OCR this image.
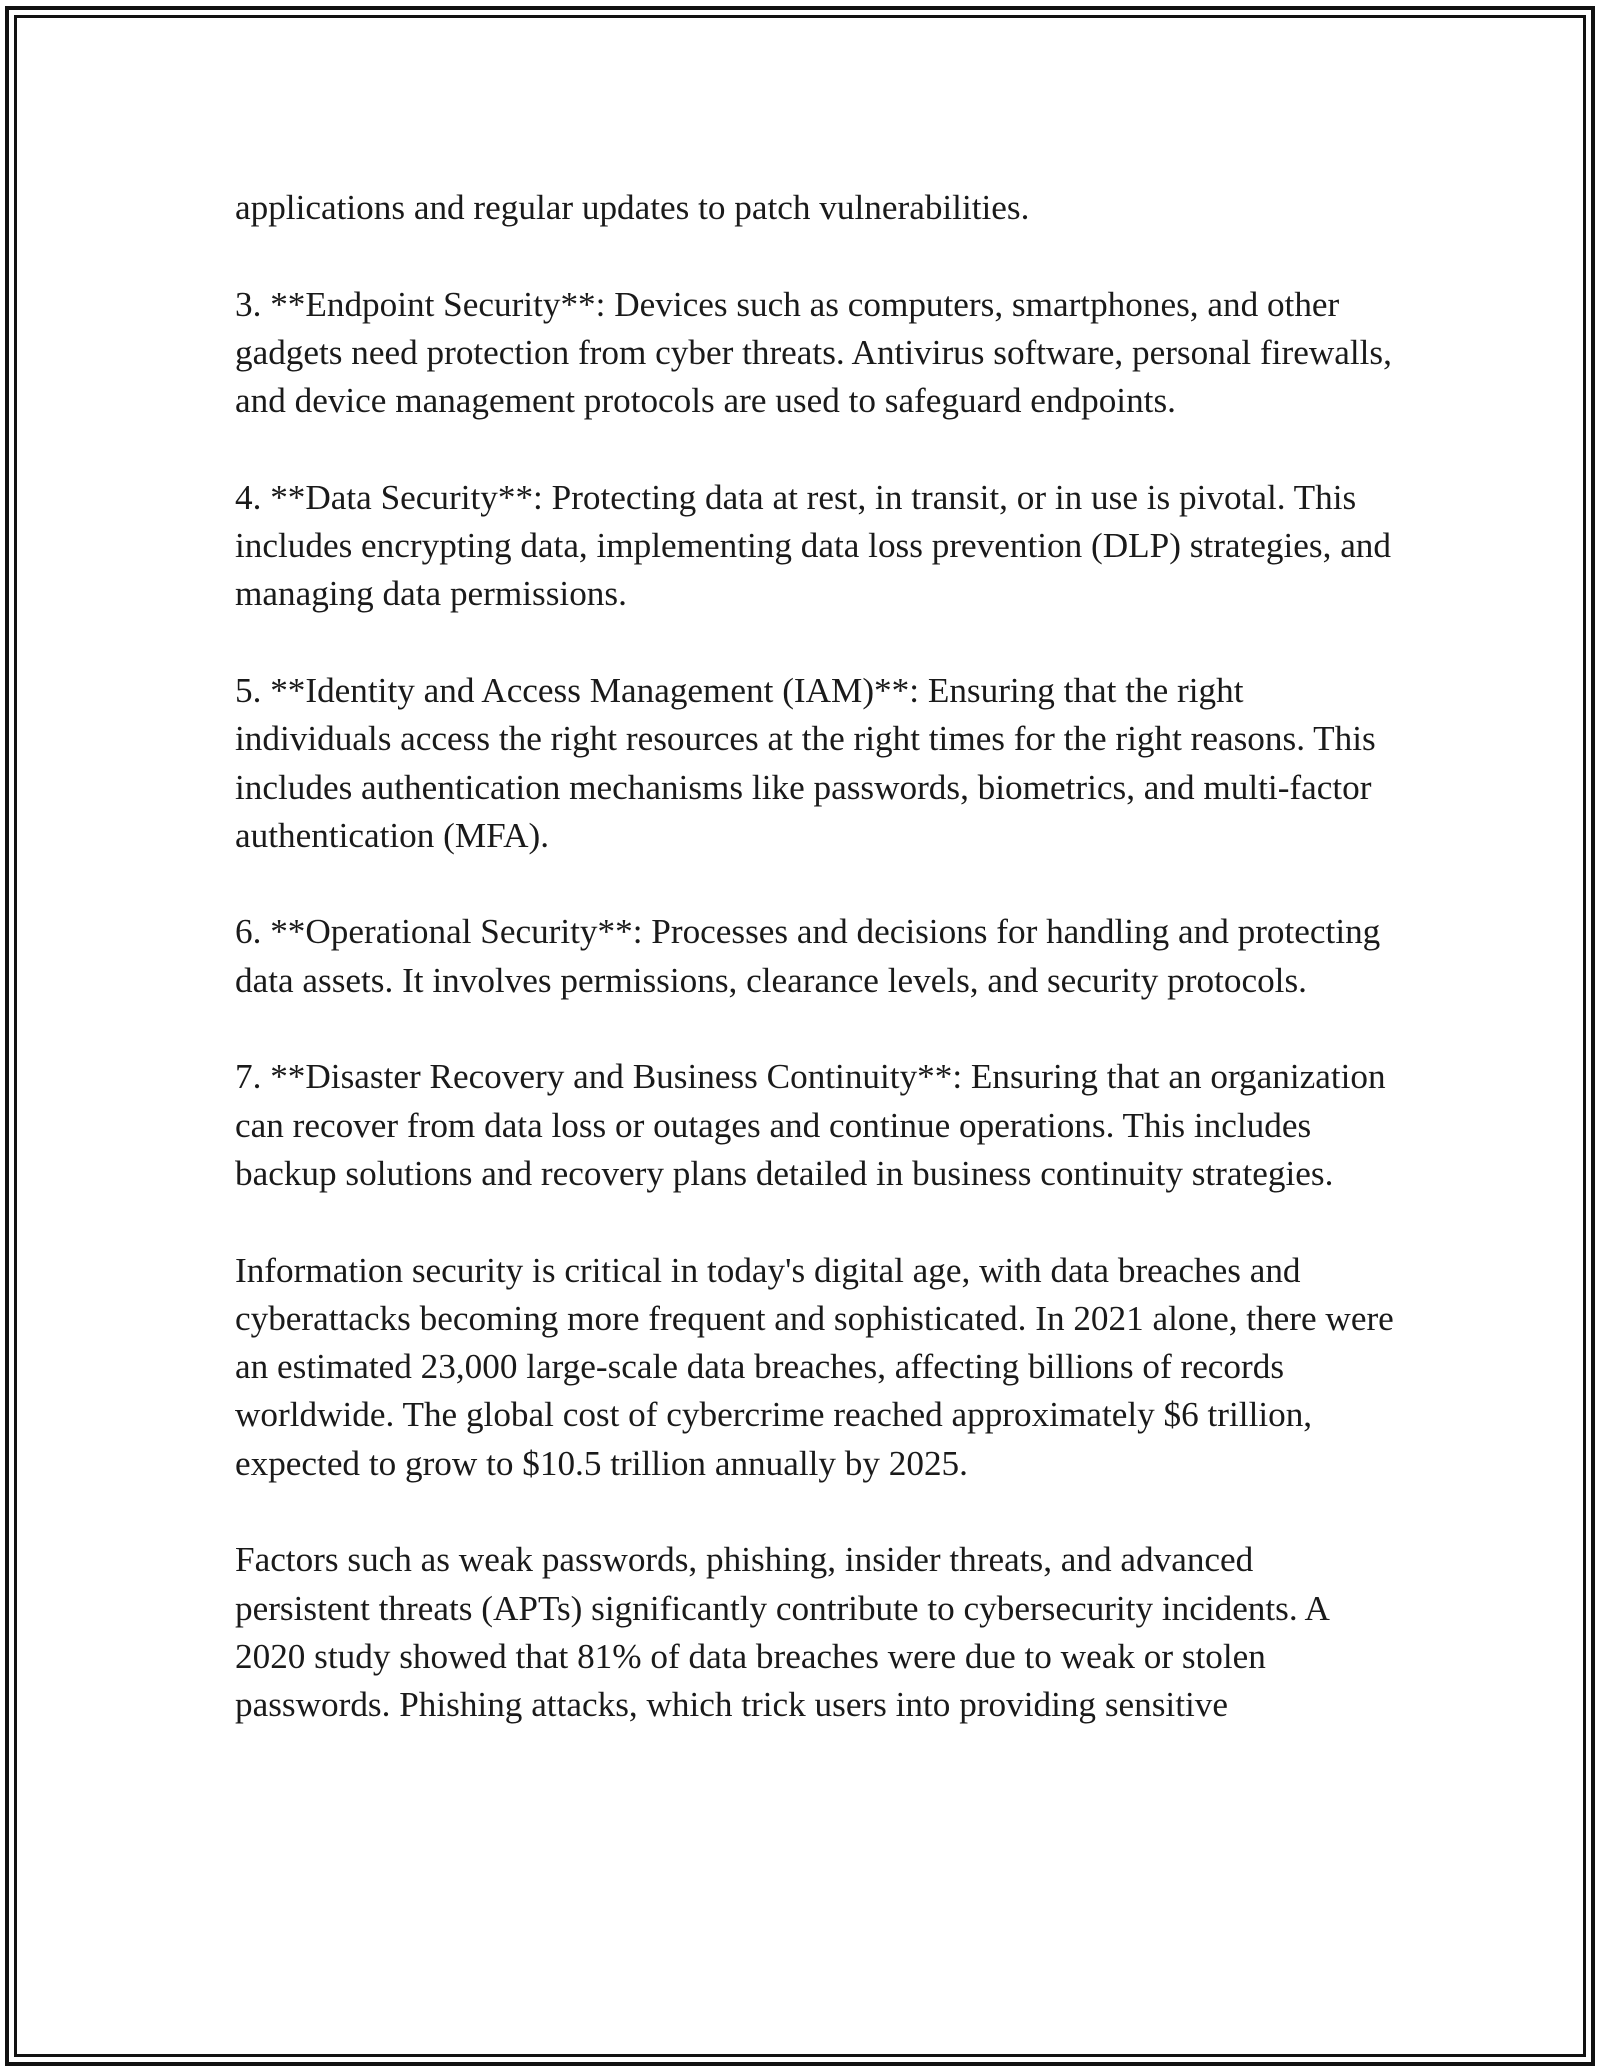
applications and regular updates to patch vulnerabilities.

3. **Endpoint Security**: Devices such as computers, smartphones, and other gadgets need protection from cyber threats. Antivirus software, personal firewalls, and device management protocols are used to safeguard endpoints.

4. **Data Security**: Protecting data at rest, in transit, or in use is pivotal. This includes encrypting data, implementing data loss prevention (DLP) strategies, and managing data permissions.

5. **Identity and Access Management (IAM)**: Ensuring that the right individuals access the right resources at the right times for the right reasons. This includes authentication mechanisms like passwords, biometrics, and multi-factor authentication (MFA).

6. **Operational Security**: Processes and decisions for handling and protecting data assets. It involves permissions, clearance levels, and security protocols.

7. **Disaster Recovery and Business Continuity**: Ensuring that an organization can recover from data loss or outages and continue operations. This includes backup solutions and recovery plans detailed in business continuity strategies.

Information security is critical in today's digital age, with data breaches and cyberattacks becoming more frequent and sophisticated. In 2021 alone, there were an estimated 23,000 large-scale data breaches, affecting billions of records worldwide. The global cost of cybercrime reached approximately $6 trillion, expected to grow to $10.5 trillion annually by 2025.

Factors such as weak passwords, phishing, insider threats, and advanced persistent threats (APTs) significantly contribute to cybersecurity incidents. A 2020 study showed that 81% of data breaches were due to weak or stolen passwords. Phishing attacks, which trick users into providing sensitive
